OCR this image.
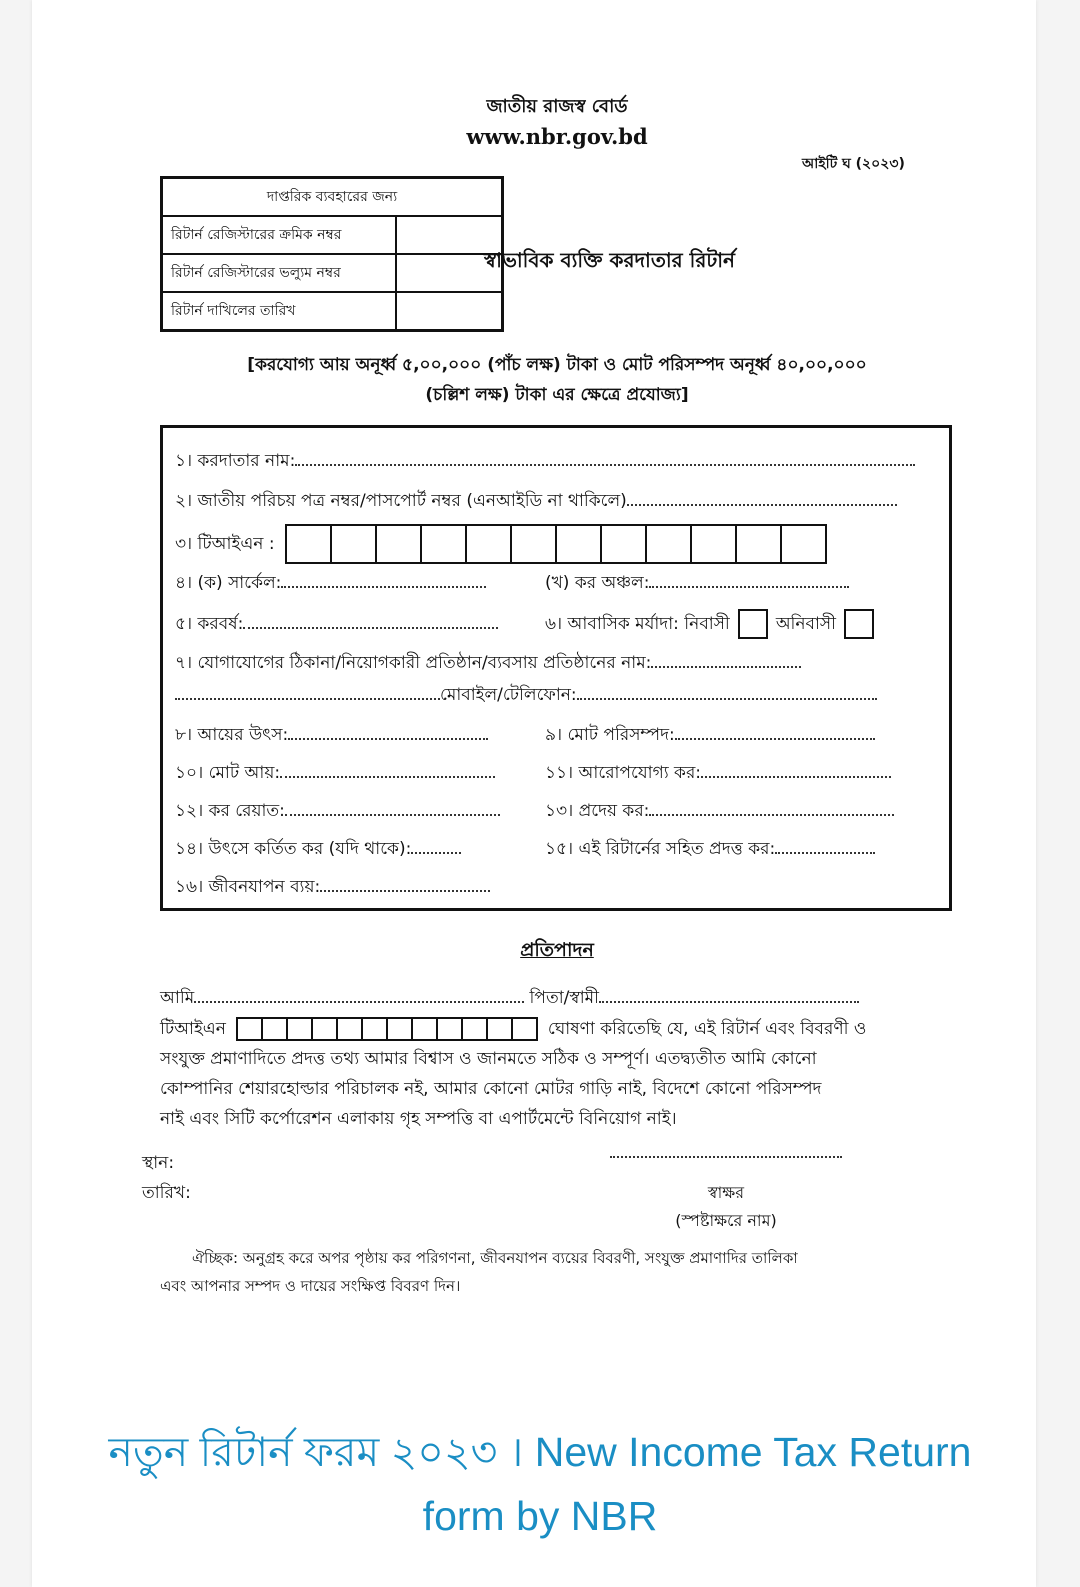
জাতীয় রাজস্ব বোর্ড
www.nbr.gov.bd
আইটি ঘ (২০২৩)
দাপ্তরিক ব্যবহারের জন্য	
রিটার্ন রেজিস্টারের ক্রমিক নম্বর	
রিটার্ন রেজিস্টারের ভল্যুম নম্বর	
রিটার্ন দাখিলের তারিখ	
স্বাভাবিক ব্যক্তি করদাতার রিটার্ন
[করযোগ্য আয় অনূর্ধ্ব ৫,০০,০০০ (পাঁচ লক্ষ) টাকা ও মোট পরিসম্পদ অনূর্ধ্ব ৪০,০০,০০০
(চল্লিশ লক্ষ) টাকা এর ক্ষেত্রে প্রযোজ্য]
১। করদাতার নাম:
২। জাতীয় পরিচয় পত্র নম্বর/পাসপোর্ট নম্বর (এনআইডি না থাকিলে)
৩। টিআইএন :
৪। (ক) সার্কেল:	(খ) কর অঞ্চল:
৫। করবর্ষ:	৬। আবাসিক মর্যাদা: নিবাসী	অনিবাসী
৭। যোগাযোগের ঠিকানা/নিয়োগকারী প্রতিষ্ঠান/ব্যবসায় প্রতিষ্ঠানের নাম:
মোবাইল/টেলিফোন:
৮। আয়ের উৎস:	৯। মোট পরিসম্পদ:
১০। মোট আয়:	১১। আরোপযোগ্য কর:
১২। কর রেয়াত:	১৩। প্রদেয় কর:
১৪। উৎসে কর্তিত কর (যদি থাকে):	১৫। এই রিটার্নের সহিত প্রদত্ত কর:
১৬। জীবনযাপন ব্যয়:
প্রতিপাদন
আমি	পিতা/স্বামী
টিআইএন	ঘোষণা করিতেছি যে, এই রিটার্ন এবং বিবরণী ও
সংযুক্ত প্রমাণাদিতে প্রদত্ত তথ্য আমার বিশ্বাস ও জানমতে সঠিক ও সম্পূর্ণ। এতদ্ব্যতীত আমি কোনো
কোম্পানির শেয়ারহোল্ডার পরিচালক নই, আমার কোনো মোটর গাড়ি নাই, বিদেশে কোনো পরিসম্পদ
নাই এবং সিটি কর্পোরেশন এলাকায় গৃহ সম্পত্তি বা এপার্টমেন্টে বিনিয়োগ নাই।
স্থান:
তারিখ:	স্বাক্ষর
(স্পষ্টাক্ষরে নাম)
ঐচ্ছিক: অনুগ্রহ করে অপর পৃষ্ঠায় কর পরিগণনা, জীবনযাপন ব্যয়ের বিবরণী, সংযুক্ত প্রমাণাদির তালিকা
এবং আপনার সম্পদ ও দায়ের সংক্ষিপ্ত বিবরণ দিন।
নতুন রিটার্ন ফরম ২০২৩ । New Income Tax Return
form by NBR
